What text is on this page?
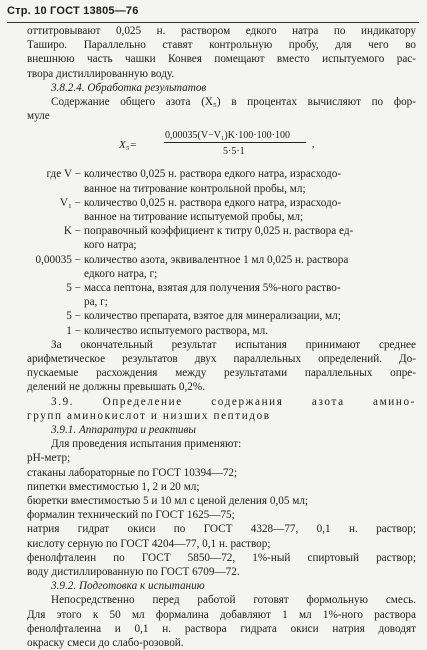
Стр. 10 ГОСТ 13805—76
оттитровывают 0,025 н. раствором едкого натра по индикатору
Таширо. Параллельно ставят контрольную пробу, для чего во
внешнюю часть чашки Конвея помещают вместо испытуемого рас-
твора дистиллированную воду.
3.8.2.4. Обработка результатов
Содержание общего азота (X₅) в процентах вычисляют по фор-
муле
X₅=
0,00035(V−V₁)K·100·100·100
5·5·1
,
где V − количество 0,025 н. раствора едкого натра, израсходо-
ванное на титрование контрольной пробы, мл;
V₁ − количество 0,025 н. раствора едкого натра, израсходо-
ванное на титрование испытуемой пробы, мл;
K − поправочный коэффициент к титру 0,025 н. раствора ед-
кого натра;
0,00035 − количество азота, эквивалентное 1 мл 0,025 н. раствора
едкого натра, г;
5 − масса пептона, взятая для получения 5%-ного раство-
ра, г;
5 − количество препарата, взятое для минерализации, мл;
1 − количество испытуемого раствора, мл.
За окончательный результат испытания принимают среднее
арифметическое результатов двух параллельных определений. До-
пускаемые расхождения между результатами параллельных опре-
делений не должны превышать 0,2%.
3.9. Определение содержания азота амино-
групп аминокислот и низших пептидов
3.9.1. Аппаратура и реактивы
Для проведения испытания применяют:
рН-метр;
стаканы лабораторные по ГОСТ 10394—72;
пипетки вместимостью 1, 2 и 20 мл;
бюретки вместимостью 5 и 10 мл с ценой деления 0,05 мл;
формалин технический по ГОСТ 1625—75;
натрия гидрат окиси по ГОСТ 4328—77, 0,1 н. раствор;
кислоту серную по ГОСТ 4204—77, 0,1 н. раствор;
фенолфталеин по ГОСТ 5850—72, 1%-ный спиртовый раствор;
воду дистиллированную по ГОСТ 6709—72.
3.9.2. Подготовка к испытанию
Непосредственно перед работой готовят формольную смесь.
Для этого к 50 мл формалина добавляют 1 мл 1%-ного раствора
фенолфталеина и 0,1 н. раствора гидрата окиси натрия доводят
окраску смеси до слабо-розовой.
